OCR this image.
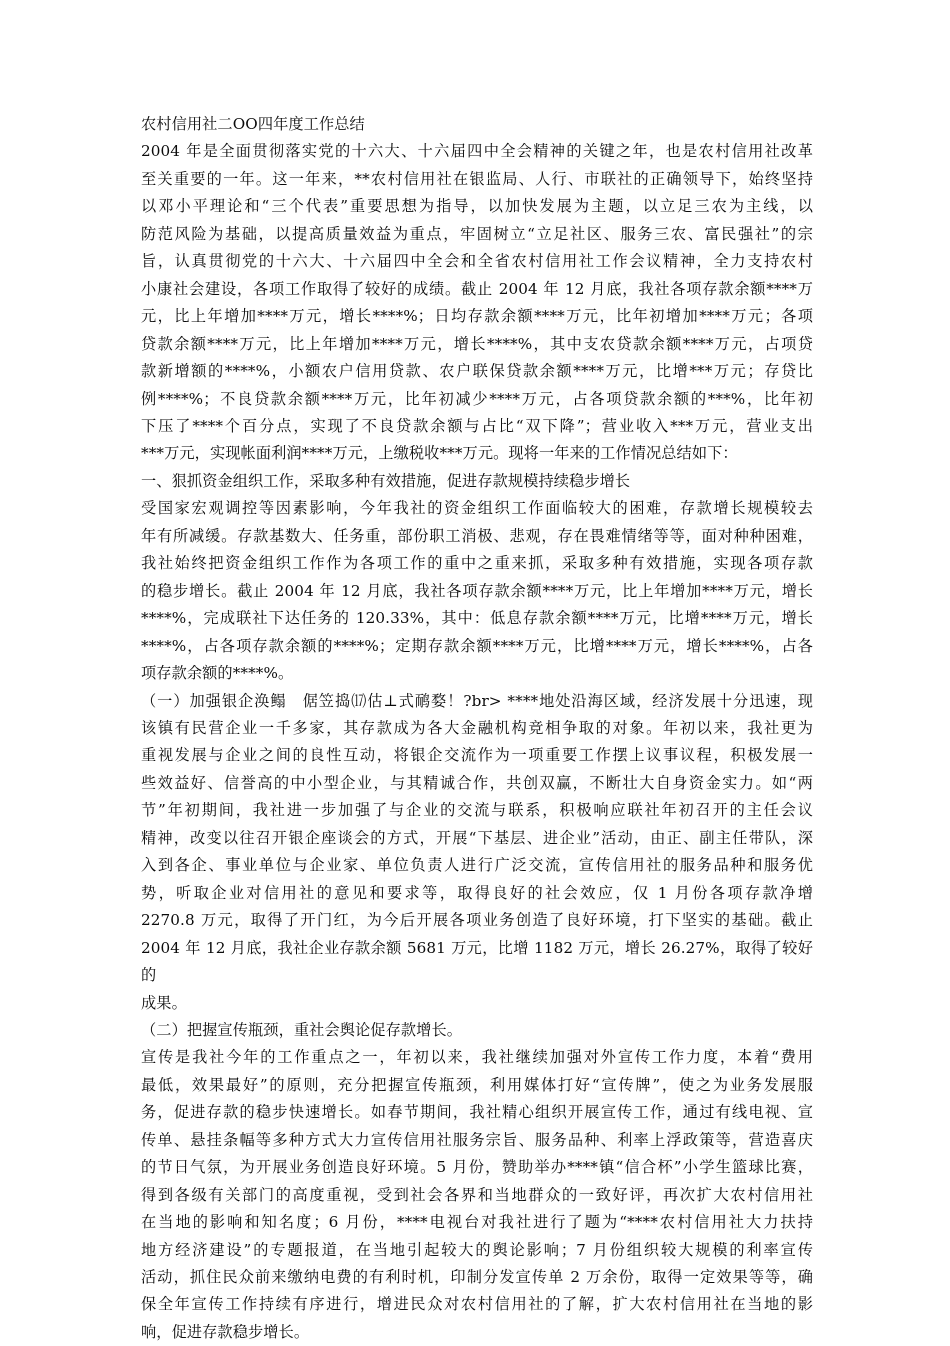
农村信用社二OO四年度工作总结
2004 年是全面贯彻落实党的十六大、十六届四中全会精神的关键之年，也是农村信用社改革
至关重要的一年。这一年来，**农村信用社在银监局、人行、市联社的正确领导下，始终坚持
以邓小平理论和“三个代表”重要思想为指导，以加快发展为主题，以立足三农为主线，以
防范风险为基础，以提高质量效益为重点，牢固树立“立足社区、服务三农、富民强社”的宗
旨，认真贯彻党的十六大、十六届四中全会和全省农村信用社工作会议精神，全力支持农村
小康社会建设，各项工作取得了较好的成绩。截止 2004 年 12 月底，我社各项存款余额****万
元，比上年增加****万元，增长****%；日均存款余额****万元，比年初增加****万元；各项
贷款余额****万元，比上年增加****万元，增长****%，其中支农贷款余额****万元，占项贷
款新增额的****%，小额农户信用贷款、农户联保贷款余额****万元，比增***万元；存贷比
例****%；不良贷款余额****万元，比年初减少****万元，占各项贷款余额的***%，比年初
下压了****个百分点，实现了不良贷款余额与占比“双下降”；营业收入***万元，营业支出
***万元，实现帐面利润****万元，上缴税收***万元。现将一年来的工作情况总结如下：
一、狠抓资金组织工作，采取多种有效措施，促进存款规模持续稳步增长
受国家宏观调控等因素影响，今年我社的资金组织工作面临较大的困难，存款增长规模较去
年有所减缓。存款基数大、任务重，部份职工消极、悲观，存在畏难情绪等等，面对种种困难，
我社始终把资金组织工作作为各项工作的重中之重来抓，采取多种有效措施，实现各项存款
的稳步增长。截止 2004 年 12 月底，我社各项存款余额****万元，比上年增加****万元，增长
****%，完成联社下达任务的 120.33%，其中：低息存款余额****万元，比增****万元，增长
****%，占各项存款余额的****%；定期存款余额****万元，比增****万元，增长****%，占各
项存款余额的****%。
（一）加强银企涣鳎　倨笠捣⒄估⊥式鸸婺！?br> ****地处沿海区域，经济发展十分迅速，现
该镇有民营企业一千多家，其存款成为各大金融机构竞相争取的对象。年初以来，我社更为
重视发展与企业之间的良性互动，将银企交流作为一项重要工作摆上议事议程，积极发展一
些效益好、信誉高的中小型企业，与其精诚合作，共创双赢，不断壮大自身资金实力。如“两
节”年初期间，我社进一步加强了与企业的交流与联系，积极响应联社年初召开的主任会议
精神，改变以往召开银企座谈会的方式，开展“下基层、进企业”活动，由正、副主任带队，深
入到各企、事业单位与企业家、单位负责人进行广泛交流，宣传信用社的服务品种和服务优
势，听取企业对信用社的意见和要求等，取得良好的社会效应，仅 1 月份各项存款净增
2270.8 万元，取得了开门红，为今后开展各项业务创造了良好环境，打下坚实的基础。截止
2004 年 12 月底，我社企业存款余额 5681 万元，比增 1182 万元，增长 26.27%，取得了较好的
成果。
（二）把握宣传瓶颈，重社会舆论促存款增长。
宣传是我社今年的工作重点之一，年初以来，我社继续加强对外宣传工作力度，本着“费用
最低，效果最好”的原则，充分把握宣传瓶颈，利用媒体打好“宣传牌”，使之为业务发展服
务，促进存款的稳步快速增长。如春节期间，我社精心组织开展宣传工作，通过有线电视、宣
传单、悬挂条幅等多种方式大力宣传信用社服务宗旨、服务品种、利率上浮政策等，营造喜庆
的节日气氛，为开展业务创造良好环境。5 月份，赞助举办****镇“信合杯”小学生篮球比赛，
得到各级有关部门的高度重视，受到社会各界和当地群众的一致好评，再次扩大农村信用社
在当地的影响和知名度；6 月份，****电视台对我社进行了题为“****农村信用社大力扶持
地方经济建设”的专题报道，在当地引起较大的舆论影响；7 月份组织较大规模的利率宣传
活动，抓住民众前来缴纳电费的有利时机，印制分发宣传单 2 万余份，取得一定效果等等，确
保全年宣传工作持续有序进行，增进民众对农村信用社的了解，扩大农村信用社在当地的影
响，促进存款稳步增长。
